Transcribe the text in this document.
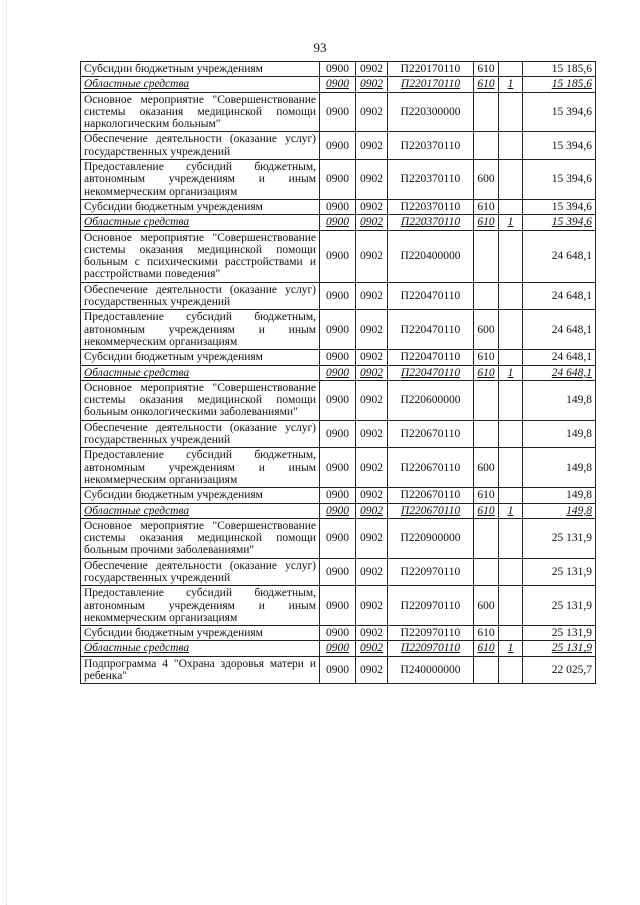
93
Субсидии бюджетным учреждениям	0900	0902	П220170110	610		15 185,6
Областные средства	0900	0902	П220170110	610	1	15 185,6
Основное мероприятие "Совершенствование системы оказания медицинской помощи наркологическим больным"	0900	0902	П220300000			15 394,6
Обеспечение деятельности (оказание услуг) государственных учреждений	0900	0902	П220370110			15 394,6
Предоставление субсидий бюджетным, автономным учреждениям и иным некоммерческим организациям	0900	0902	П220370110	600		15 394,6
Субсидии бюджетным учреждениям	0900	0902	П220370110	610		15 394,6
Областные средства	0900	0902	П220370110	610	1	15 394,6
Основное мероприятие "Совершенствование системы оказания медицинской помощи больным с психическими расстройствами и расстройствами поведения"	0900	0902	П220400000			24 648,1
Обеспечение деятельности (оказание услуг) государственных учреждений	0900	0902	П220470110			24 648,1
Предоставление субсидий бюджетным, автономным учреждениям и иным некоммерческим организациям	0900	0902	П220470110	600		24 648,1
Субсидии бюджетным учреждениям	0900	0902	П220470110	610		24 648,1
Областные средства	0900	0902	П220470110	610	1	24 648,1
Основное мероприятие "Совершенствование системы оказания медицинской помощи больным онкологическими заболеваниями"	0900	0902	П220600000			149,8
Обеспечение деятельности (оказание услуг) государственных учреждений	0900	0902	П220670110			149,8
Предоставление субсидий бюджетным, автономным учреждениям и иным некоммерческим организациям	0900	0902	П220670110	600		149,8
Субсидии бюджетным учреждениям	0900	0902	П220670110	610		149,8
Областные средства	0900	0902	П220670110	610	1	149,8
Основное мероприятие "Совершенствование системы оказания медицинской помощи больным прочими заболеваниями"	0900	0902	П220900000			25 131,9
Обеспечение деятельности (оказание услуг) государственных учреждений	0900	0902	П220970110			25 131,9
Предоставление субсидий бюджетным, автономным учреждениям и иным некоммерческим организациям	0900	0902	П220970110	600		25 131,9
Субсидии бюджетным учреждениям	0900	0902	П220970110	610		25 131,9
Областные средства	0900	0902	П220970110	610	1	25 131,9
Подпрограмма 4 "Охрана здоровья матери и ребенка"	0900	0902	П240000000			22 025,7
